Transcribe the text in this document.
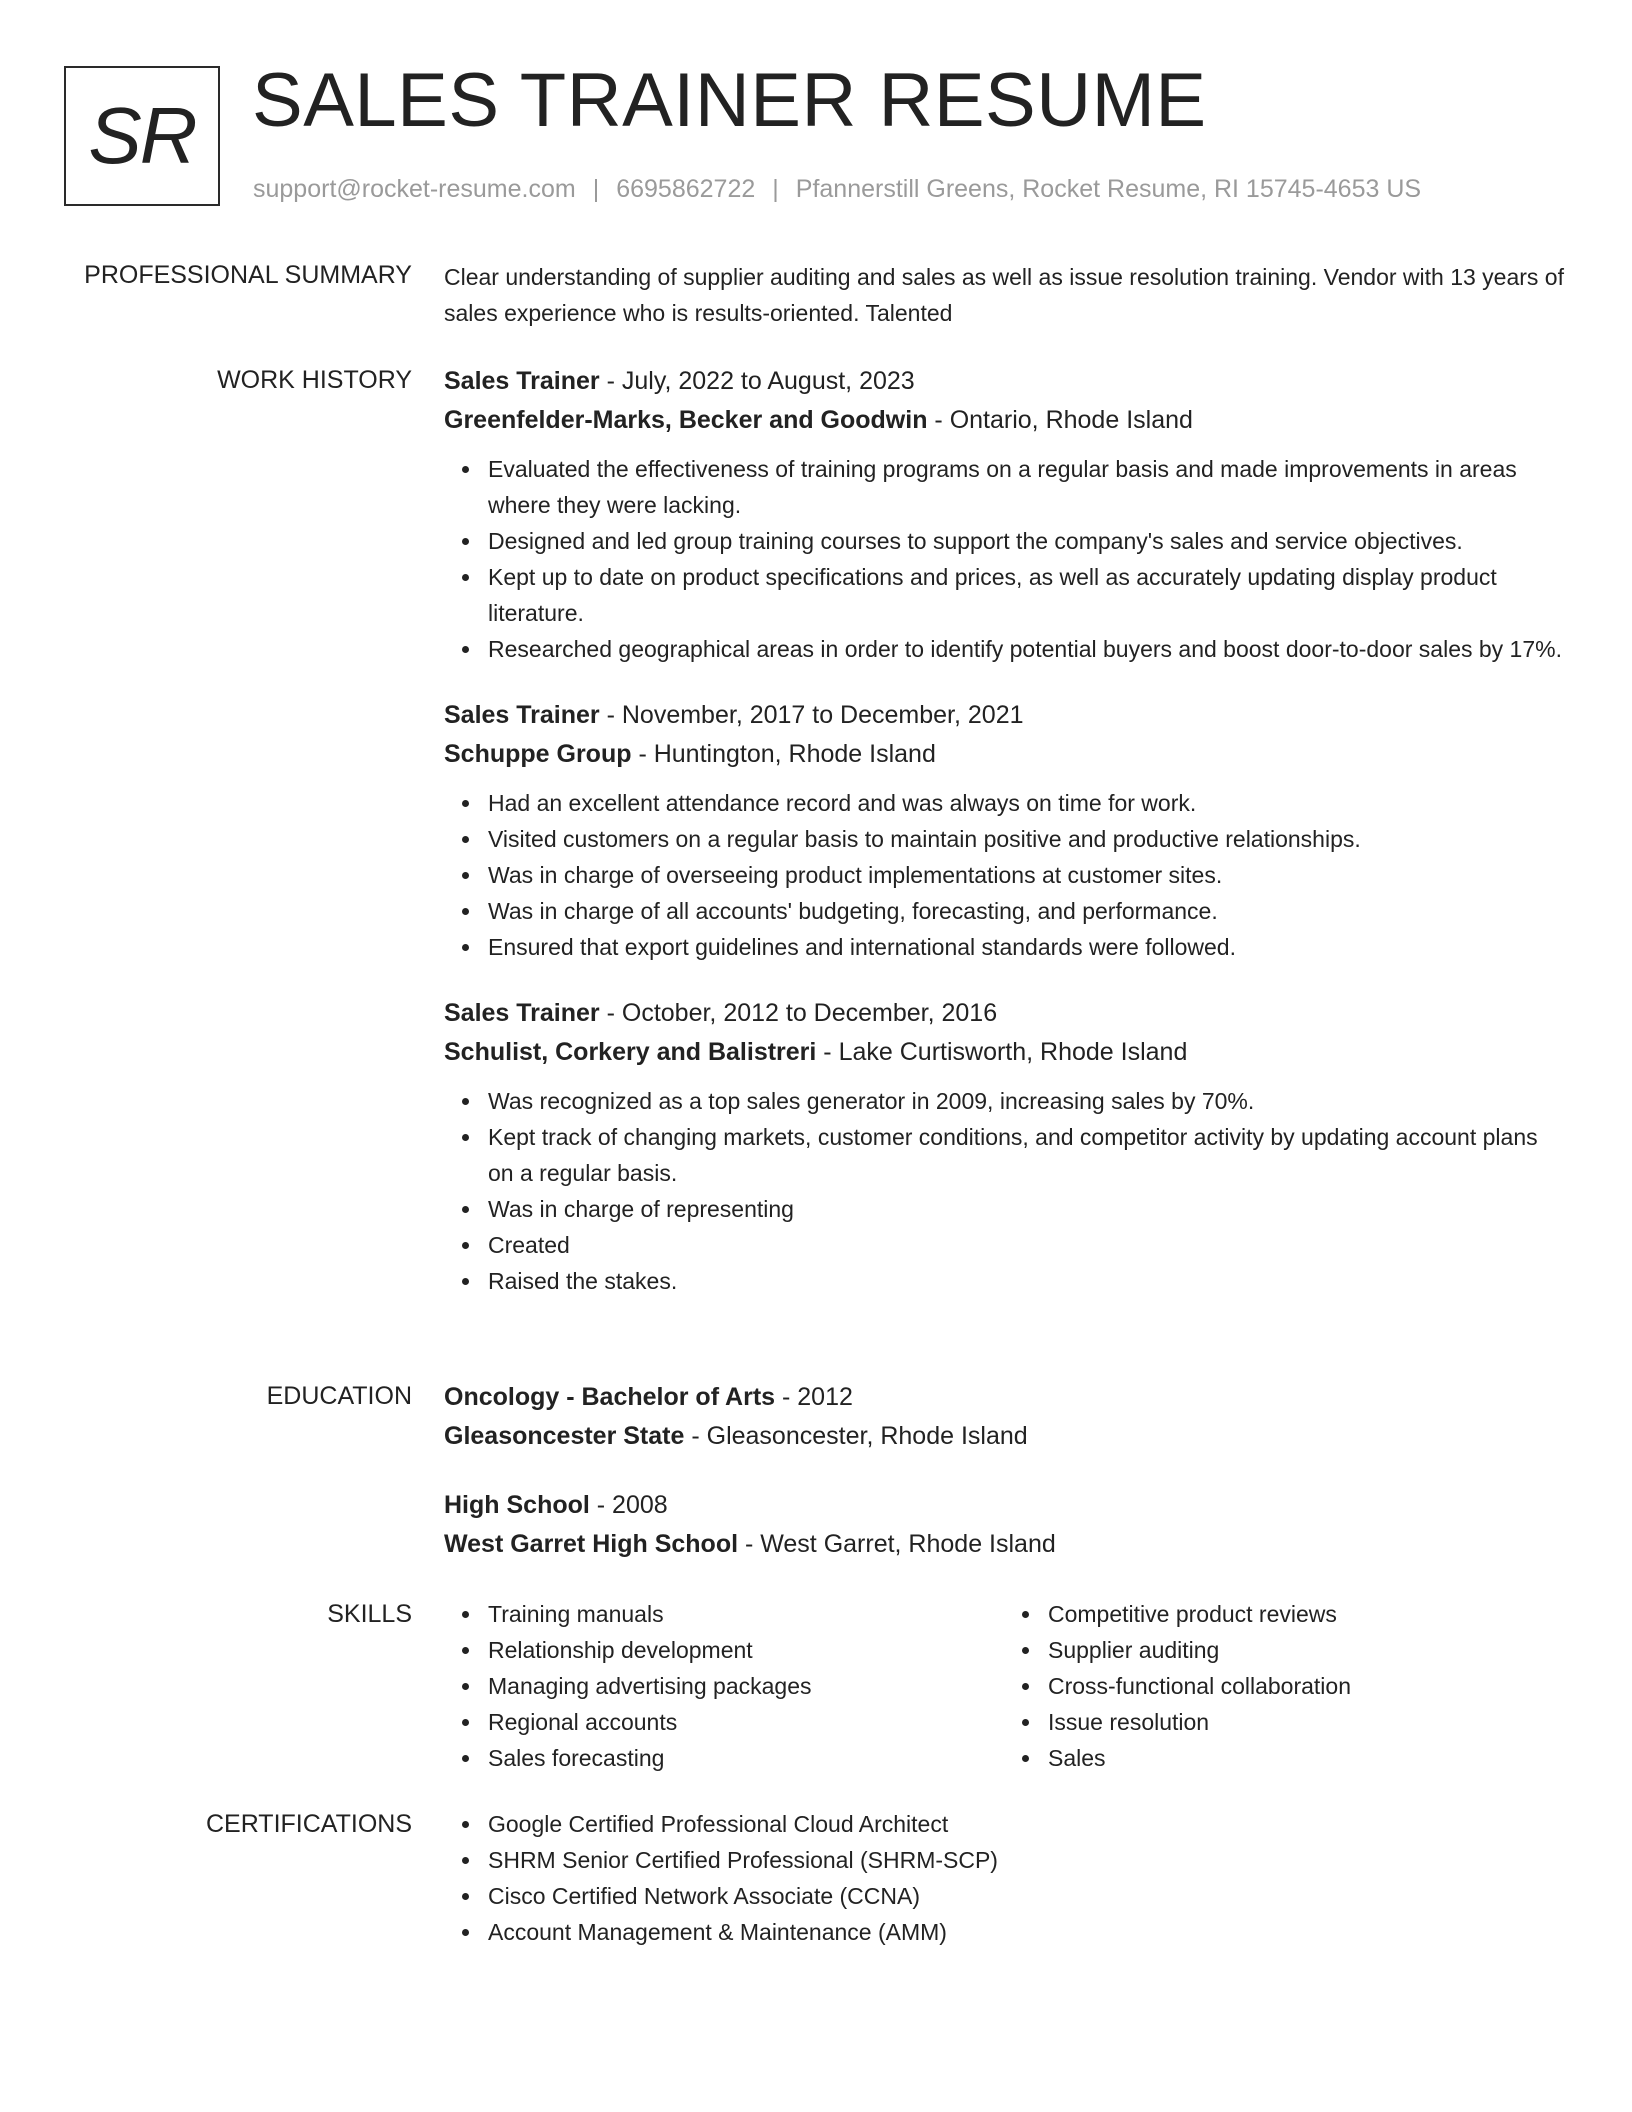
SR SALES TRAINER RESUME
support@rocket-resume.com | 6695862722 | Pfannerstill Greens, Rocket Resume, RI 15745-4653 US
PROFESSIONAL SUMMARY Clear understanding of supplier auditing and sales as well as issue resolution training. Vendor with 13 years of sales experience who is results-oriented. Talented

WORK HISTORY Sales Trainer - July, 2022 to August, 2023
Greenfelder-Marks, Becker and Goodwin - Ontario, Rhode Island
Evaluated the effectiveness of training programs on a regular basis and made improvements in areas where they were lacking.
Designed and led group training courses to support the company's sales and service objectives.
Kept up to date on product specifications and prices, as well as accurately updating display product literature.
Researched geographical areas in order to identify potential buyers and boost door-to-door sales by 17%.
Sales Trainer - November, 2017 to December, 2021
Schuppe Group - Huntington, Rhode Island
Had an excellent attendance record and was always on time for work.
Visited customers on a regular basis to maintain positive and productive relationships.
Was in charge of overseeing product implementations at customer sites.
Was in charge of all accounts' budgeting, forecasting, and performance.
Ensured that export guidelines and international standards were followed.
Sales Trainer - October, 2012 to December, 2016
Schulist, Corkery and Balistreri - Lake Curtisworth, Rhode Island
Was recognized as a top sales generator in 2009, increasing sales by 70%.
Kept track of changing markets, customer conditions, and competitor activity by updating account plans on a regular basis.
Was in charge of representing
Created
Raised the stakes.
EDUCATION Oncology - Bachelor of Arts - 2012
Gleasoncester State - Gleasoncester, Rhode Island
High School - 2008
West Garret High School - West Garret, Rhode Island
SKILLS	Training manuals
Relationship development
Managing advertising packages
Regional accounts
Sales forecasting
Competitive product reviews
Supplier auditing
Cross-functional collaboration
Issue resolution
Sales
CERTIFICATIONS	Google Certified Professional Cloud Architect
SHRM Senior Certified Professional (SHRM-SCP)
Cisco Certified Network Associate (CCNA)
Account Management & Maintenance (AMM)
